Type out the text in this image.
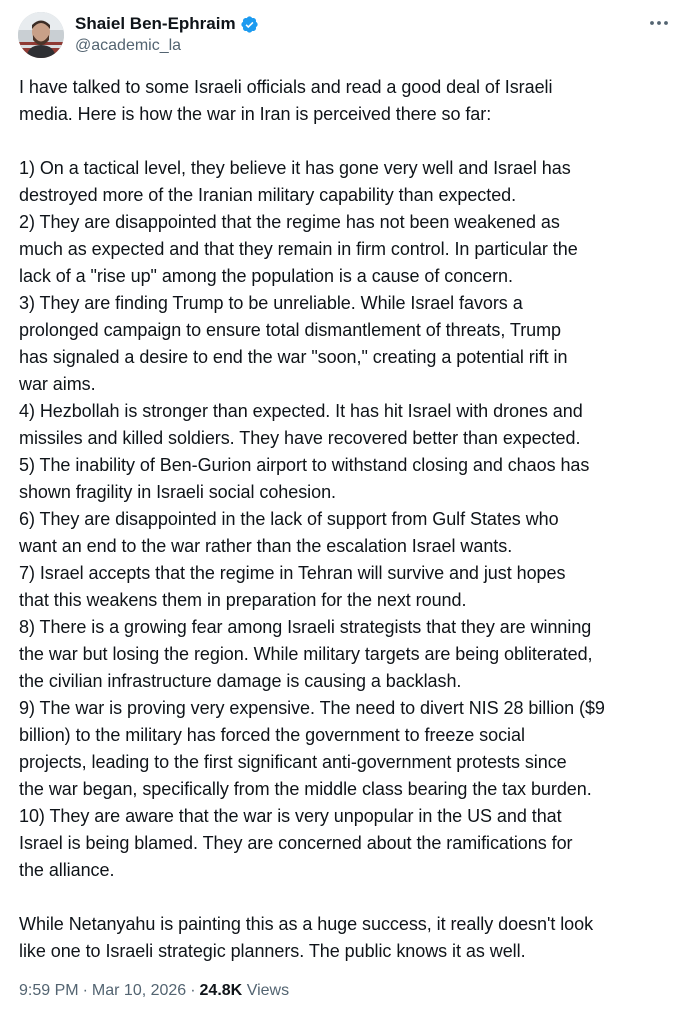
Shaiel Ben-Ephraim
@academic_la

I have talked to some Israeli officials and read a good deal of Israeli

media. Here is how the war in Iran is perceived there so far:

1) On a tactical level, they believe it has gone very well and Israel has

destroyed more of the Iranian military capability than expected.

2) They are disappointed that the regime has not been weakened as

much as expected and that they remain in firm control. In particular the

lack of a "rise up" among the population is a cause of concern.

3) They are finding Trump to be unreliable. While Israel favors a

prolonged campaign to ensure total dismantlement of threats, Trump

has signaled a desire to end the war "soon," creating a potential rift in

war aims.

4) Hezbollah is stronger than expected. It has hit Israel with drones and

missiles and killed soldiers. They have recovered better than expected.

5) The inability of Ben-Gurion airport to withstand closing and chaos has

shown fragility in Israeli social cohesion.

6) They are disappointed in the lack of support from Gulf States who

want an end to the war rather than the escalation Israel wants.

7) Israel accepts that the regime in Tehran will survive and just hopes

that this weakens them in preparation for the next round.

8) There is a growing fear among Israeli strategists that they are winning

the war but losing the region. While military targets are being obliterated,

the civilian infrastructure damage is causing a backlash.

9) The war is proving very expensive. The need to divert NIS 28 billion ($9

billion) to the military has forced the government to freeze social

projects, leading to the first significant anti-government protests since

the war began, specifically from the middle class bearing the tax burden.

10) They are aware that the war is very unpopular in the US and that

Israel is being blamed. They are concerned about the ramifications for

the alliance.

While Netanyahu is painting this as a huge success, it really doesn't look

like one to Israeli strategic planners. The public knows it as well.

9:59 PM · Mar 10, 2026 · 24.8K Views
